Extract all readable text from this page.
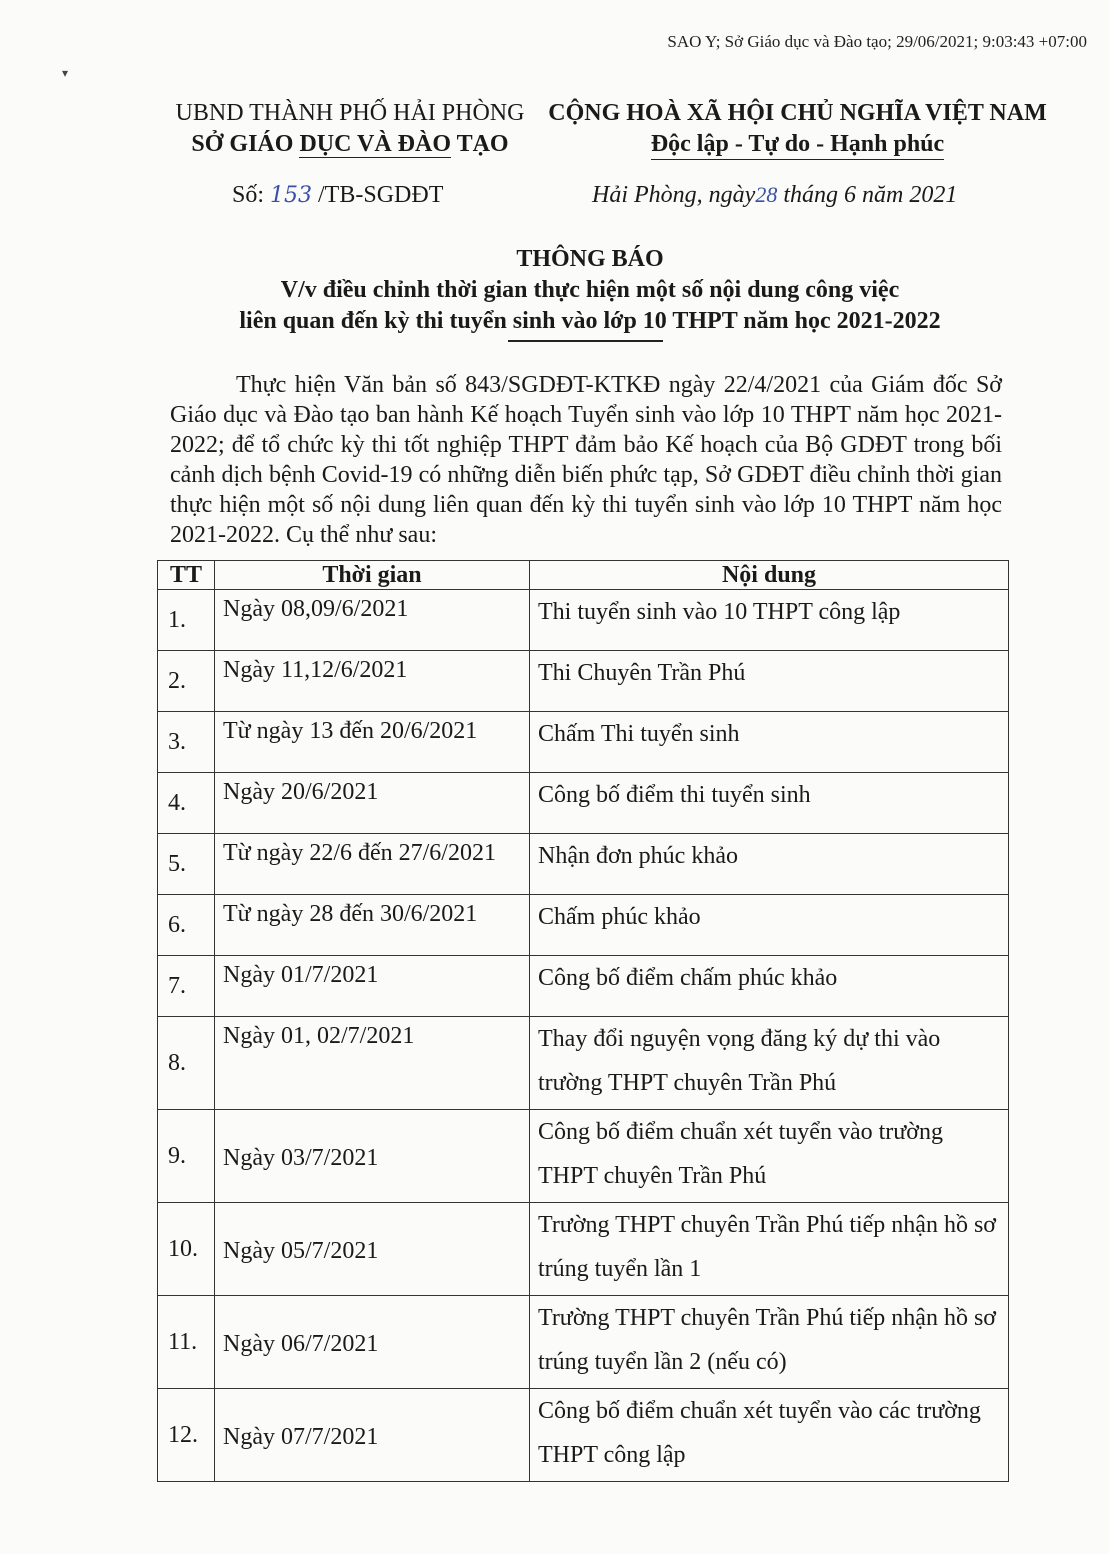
SAO Y; Sở Giáo dục và Đào tạo; 29/06/2021; 9:03:43 +07:00
▾
UBND THÀNH PHỐ HẢI PHÒNG
SỞ GIÁO DỤC VÀ ĐÀO TẠO
CỘNG HOÀ XÃ HỘI CHỦ NGHĨA VIỆT NAM
Độc lập - Tự do - Hạnh phúc
Số: 153 /TB-SGDĐT	Hải Phòng, ngày28 tháng 6 năm 2021
THÔNG BÁO
V/v điều chỉnh thời gian thực hiện một số nội dung công việc
liên quan đến kỳ thi tuyển sinh vào lớp 10 THPT năm học 2021-2022
Thực hiện Văn bản số 843/SGDĐT-KTKĐ ngày 22/4/2021 của Giám đốc Sở Giáo dục và Đào tạo ban hành Kế hoạch Tuyển sinh vào lớp 10 THPT năm học 2021-2022; để tổ chức kỳ thi tốt nghiệp THPT đảm bảo Kế hoạch của Bộ GDĐT trong bối cảnh dịch bệnh Covid-19 có những diễn biến phức tạp, Sở GDĐT điều chỉnh thời gian thực hiện một số nội dung liên quan đến kỳ thi tuyển sinh vào lớp 10 THPT năm học 2021-2022. Cụ thể như sau:
TT	Thời gian	Nội dung
1.	Ngày 08,09/6/2021	Thi tuyển sinh vào 10 THPT công lập
2.	Ngày 11,12/6/2021	Thi Chuyên Trần Phú
3.	Từ ngày 13 đến 20/6/2021	Chấm Thi tuyển sinh
4.	Ngày 20/6/2021	Công bố điểm thi tuyển sinh
5.	Từ ngày 22/6 đến 27/6/2021	Nhận đơn phúc khảo
6.	Từ ngày 28 đến 30/6/2021	Chấm phúc khảo
7.	Ngày 01/7/2021	Công bố điểm chấm phúc khảo
8.	Ngày 01, 02/7/2021	Thay đổi nguyện vọng đăng ký dự thi vào trường THPT chuyên Trần Phú
9.	Ngày 03/7/2021	Công bố điểm chuẩn xét tuyển vào trường THPT chuyên Trần Phú
10.	Ngày 05/7/2021	Trường THPT chuyên Trần Phú tiếp nhận hồ sơ trúng tuyển lần 1
11.	Ngày 06/7/2021	Trường THPT chuyên Trần Phú tiếp nhận hồ sơ trúng tuyển lần 2 (nếu có)
12.	Ngày 07/7/2021	Công bố điểm chuẩn xét tuyển vào các trường THPT công lập
